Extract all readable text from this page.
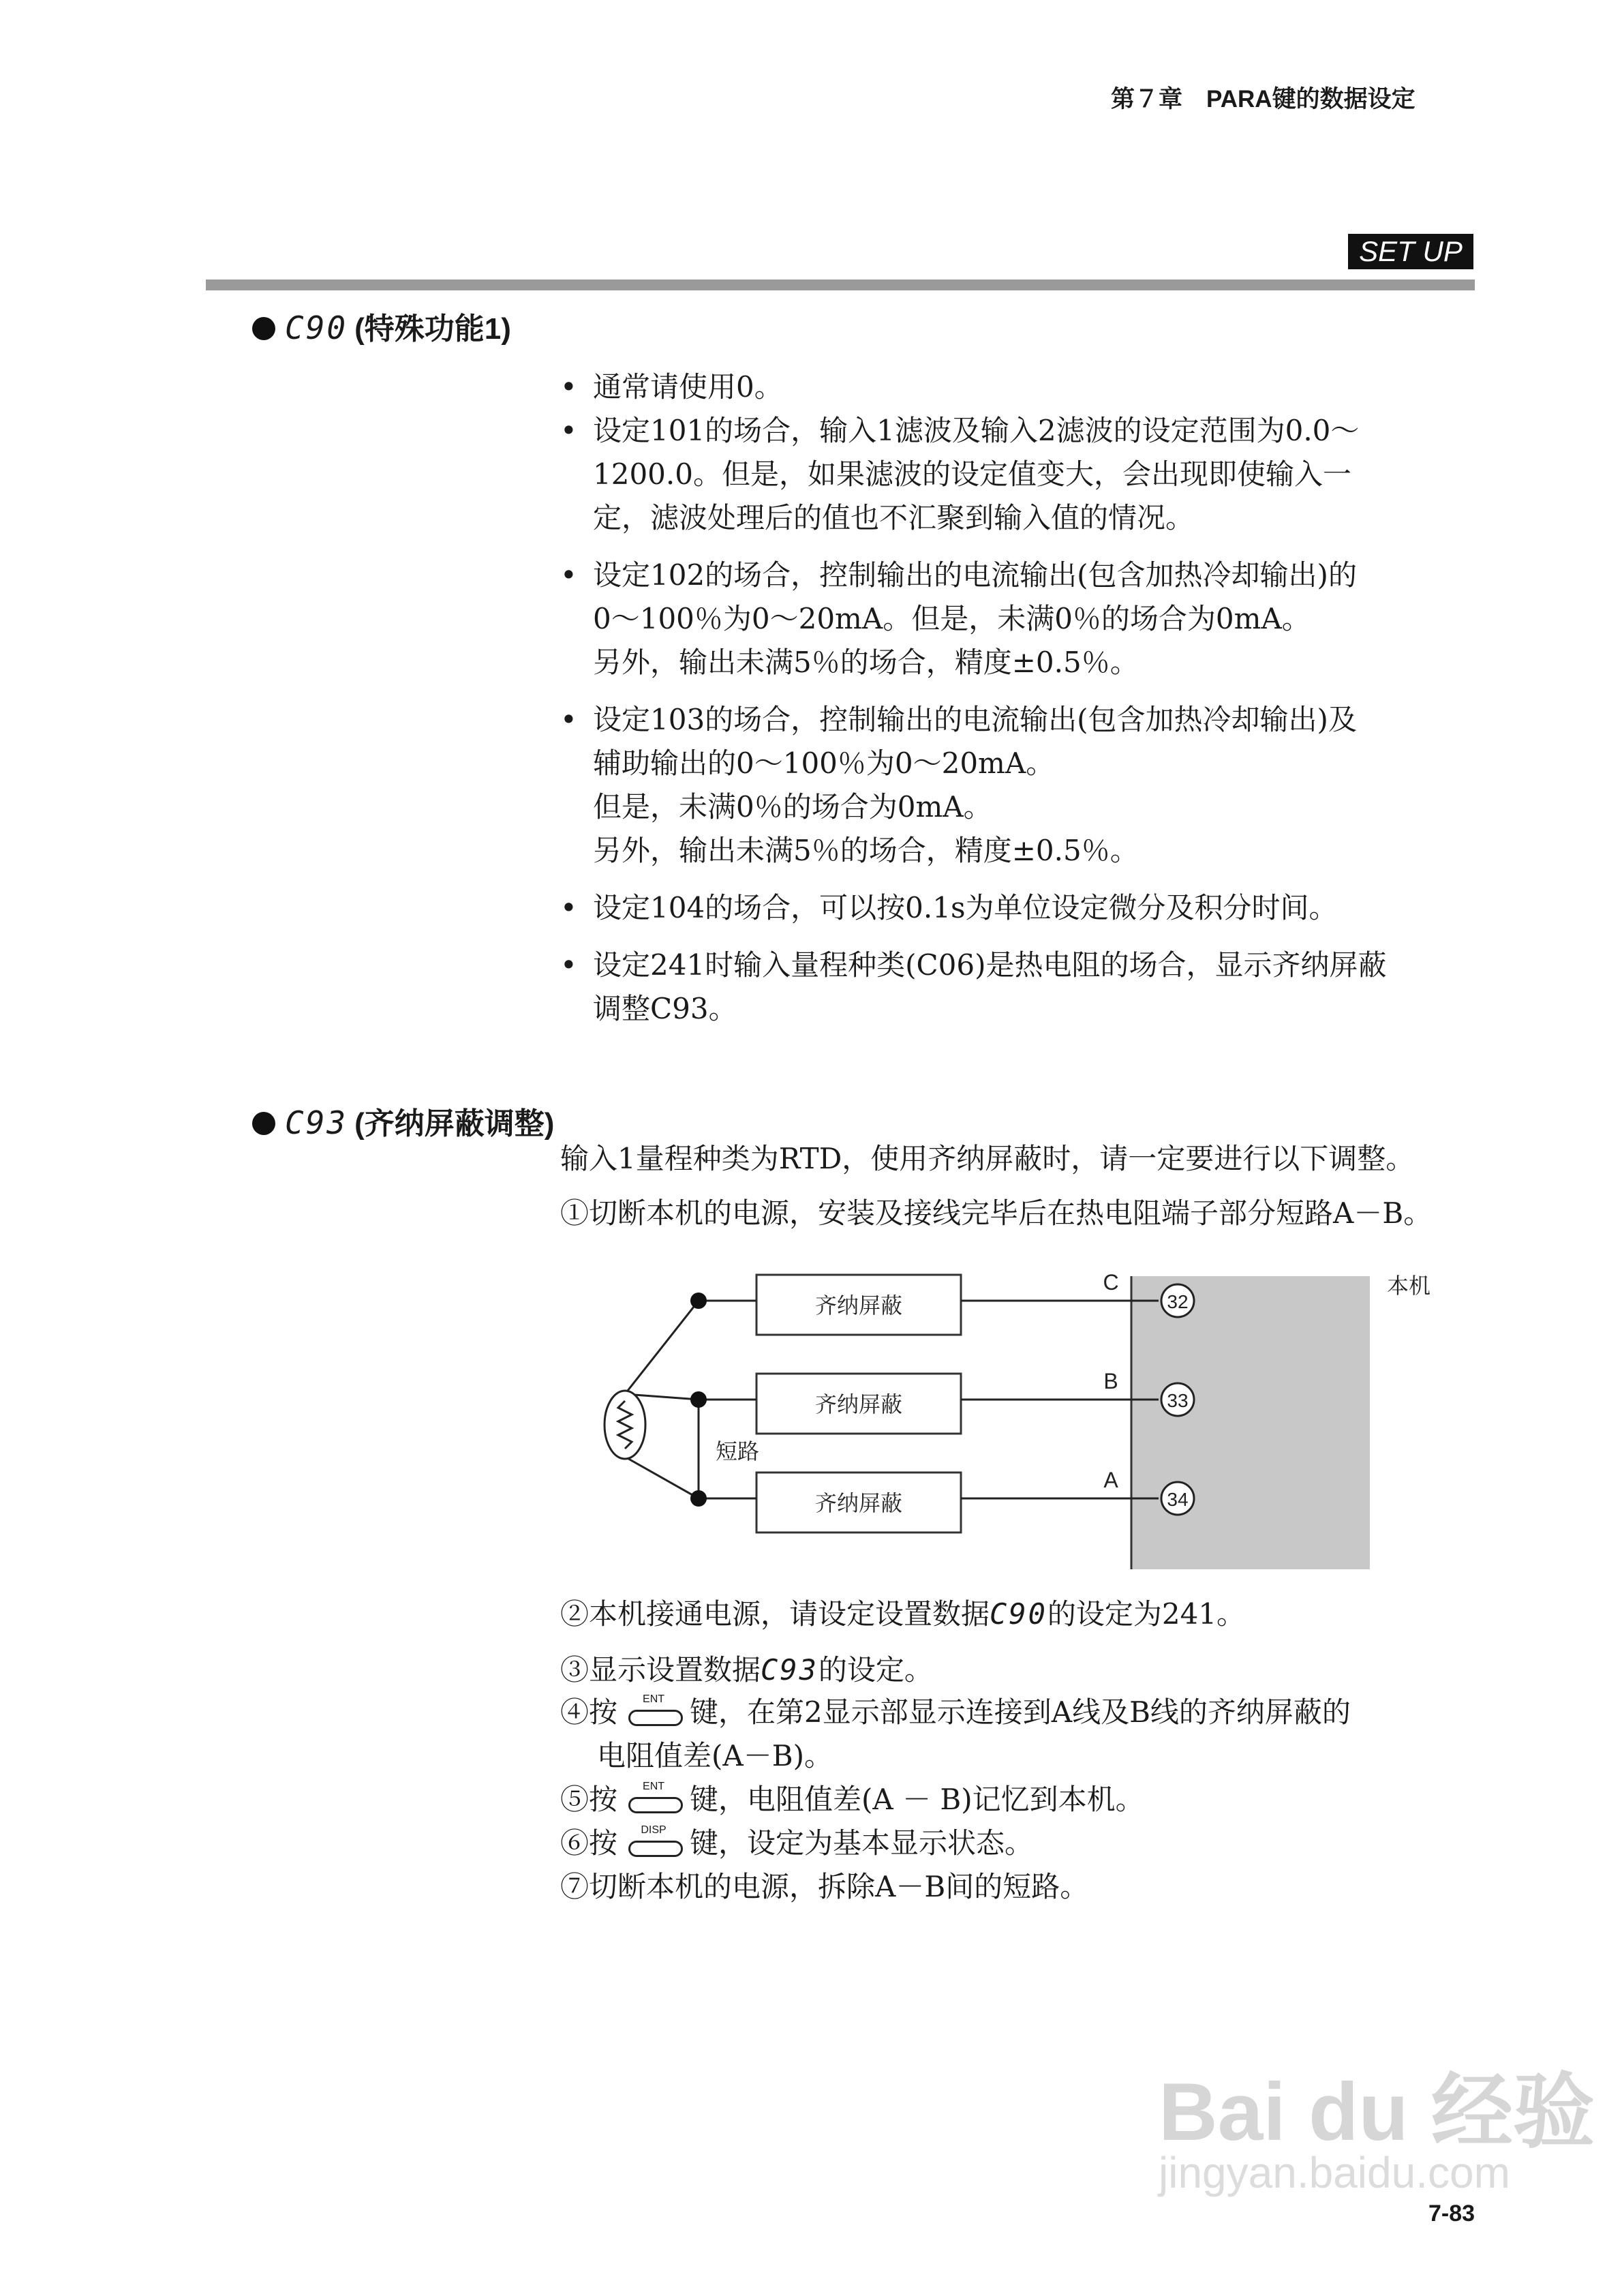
第７章　PARA键的数据设定
SET UP
C90 (特殊功能1)
• 通常请使用0。
• 设定101的场合，输入1滤波及输入2滤波的设定范围为0.0～
1200.0。但是，如果滤波的设定值变大，会出现即使输入一
定，滤波处理后的值也不汇聚到输入值的情况。
• 设定102的场合，控制输出的电流输出(包含加热冷却输出)的
0～100％为0～20mA。但是，未满0％的场合为0mA。
另外，输出未满5％的场合，精度±0.5％。
• 设定103的场合，控制输出的电流输出(包含加热冷却输出)及
辅助输出的0～100％为0～20mA。
但是，未满0％的场合为0mA。
另外，输出未满5％的场合，精度±0.5％。
• 设定104的场合，可以按0.1s为单位设定微分及积分时间。
• 设定241时输入量程种类(C06)是热电阻的场合，显示齐纳屏蔽
调整C93。
C93 (齐纳屏蔽调整)
输入1量程种类为RTD，使用齐纳屏蔽时，请一定要进行以下调整。
①切断本机的电源，安装及接线完毕后在热电阻端子部分短路A－B。
本机
齐纳屏蔽
齐纳屏蔽
齐纳屏蔽
短路
C
B
A
32
33
34
②本机接通电源，请设定设置数据C90的设定为241。
③显示设置数据C93的设定。
④按	ENT 键，在第2显示部显示连接到A线及B线的齐纳屏蔽的
电阻值差(A－B)。
⑤按	ENT 键，电阻值差(A － B)记忆到本机。
⑥按	DISP 键，设定为基本显示状态。
⑦切断本机的电源，拆除A－B间的短路。
Bai du 经验
jingyan.baidu.com
7-83
